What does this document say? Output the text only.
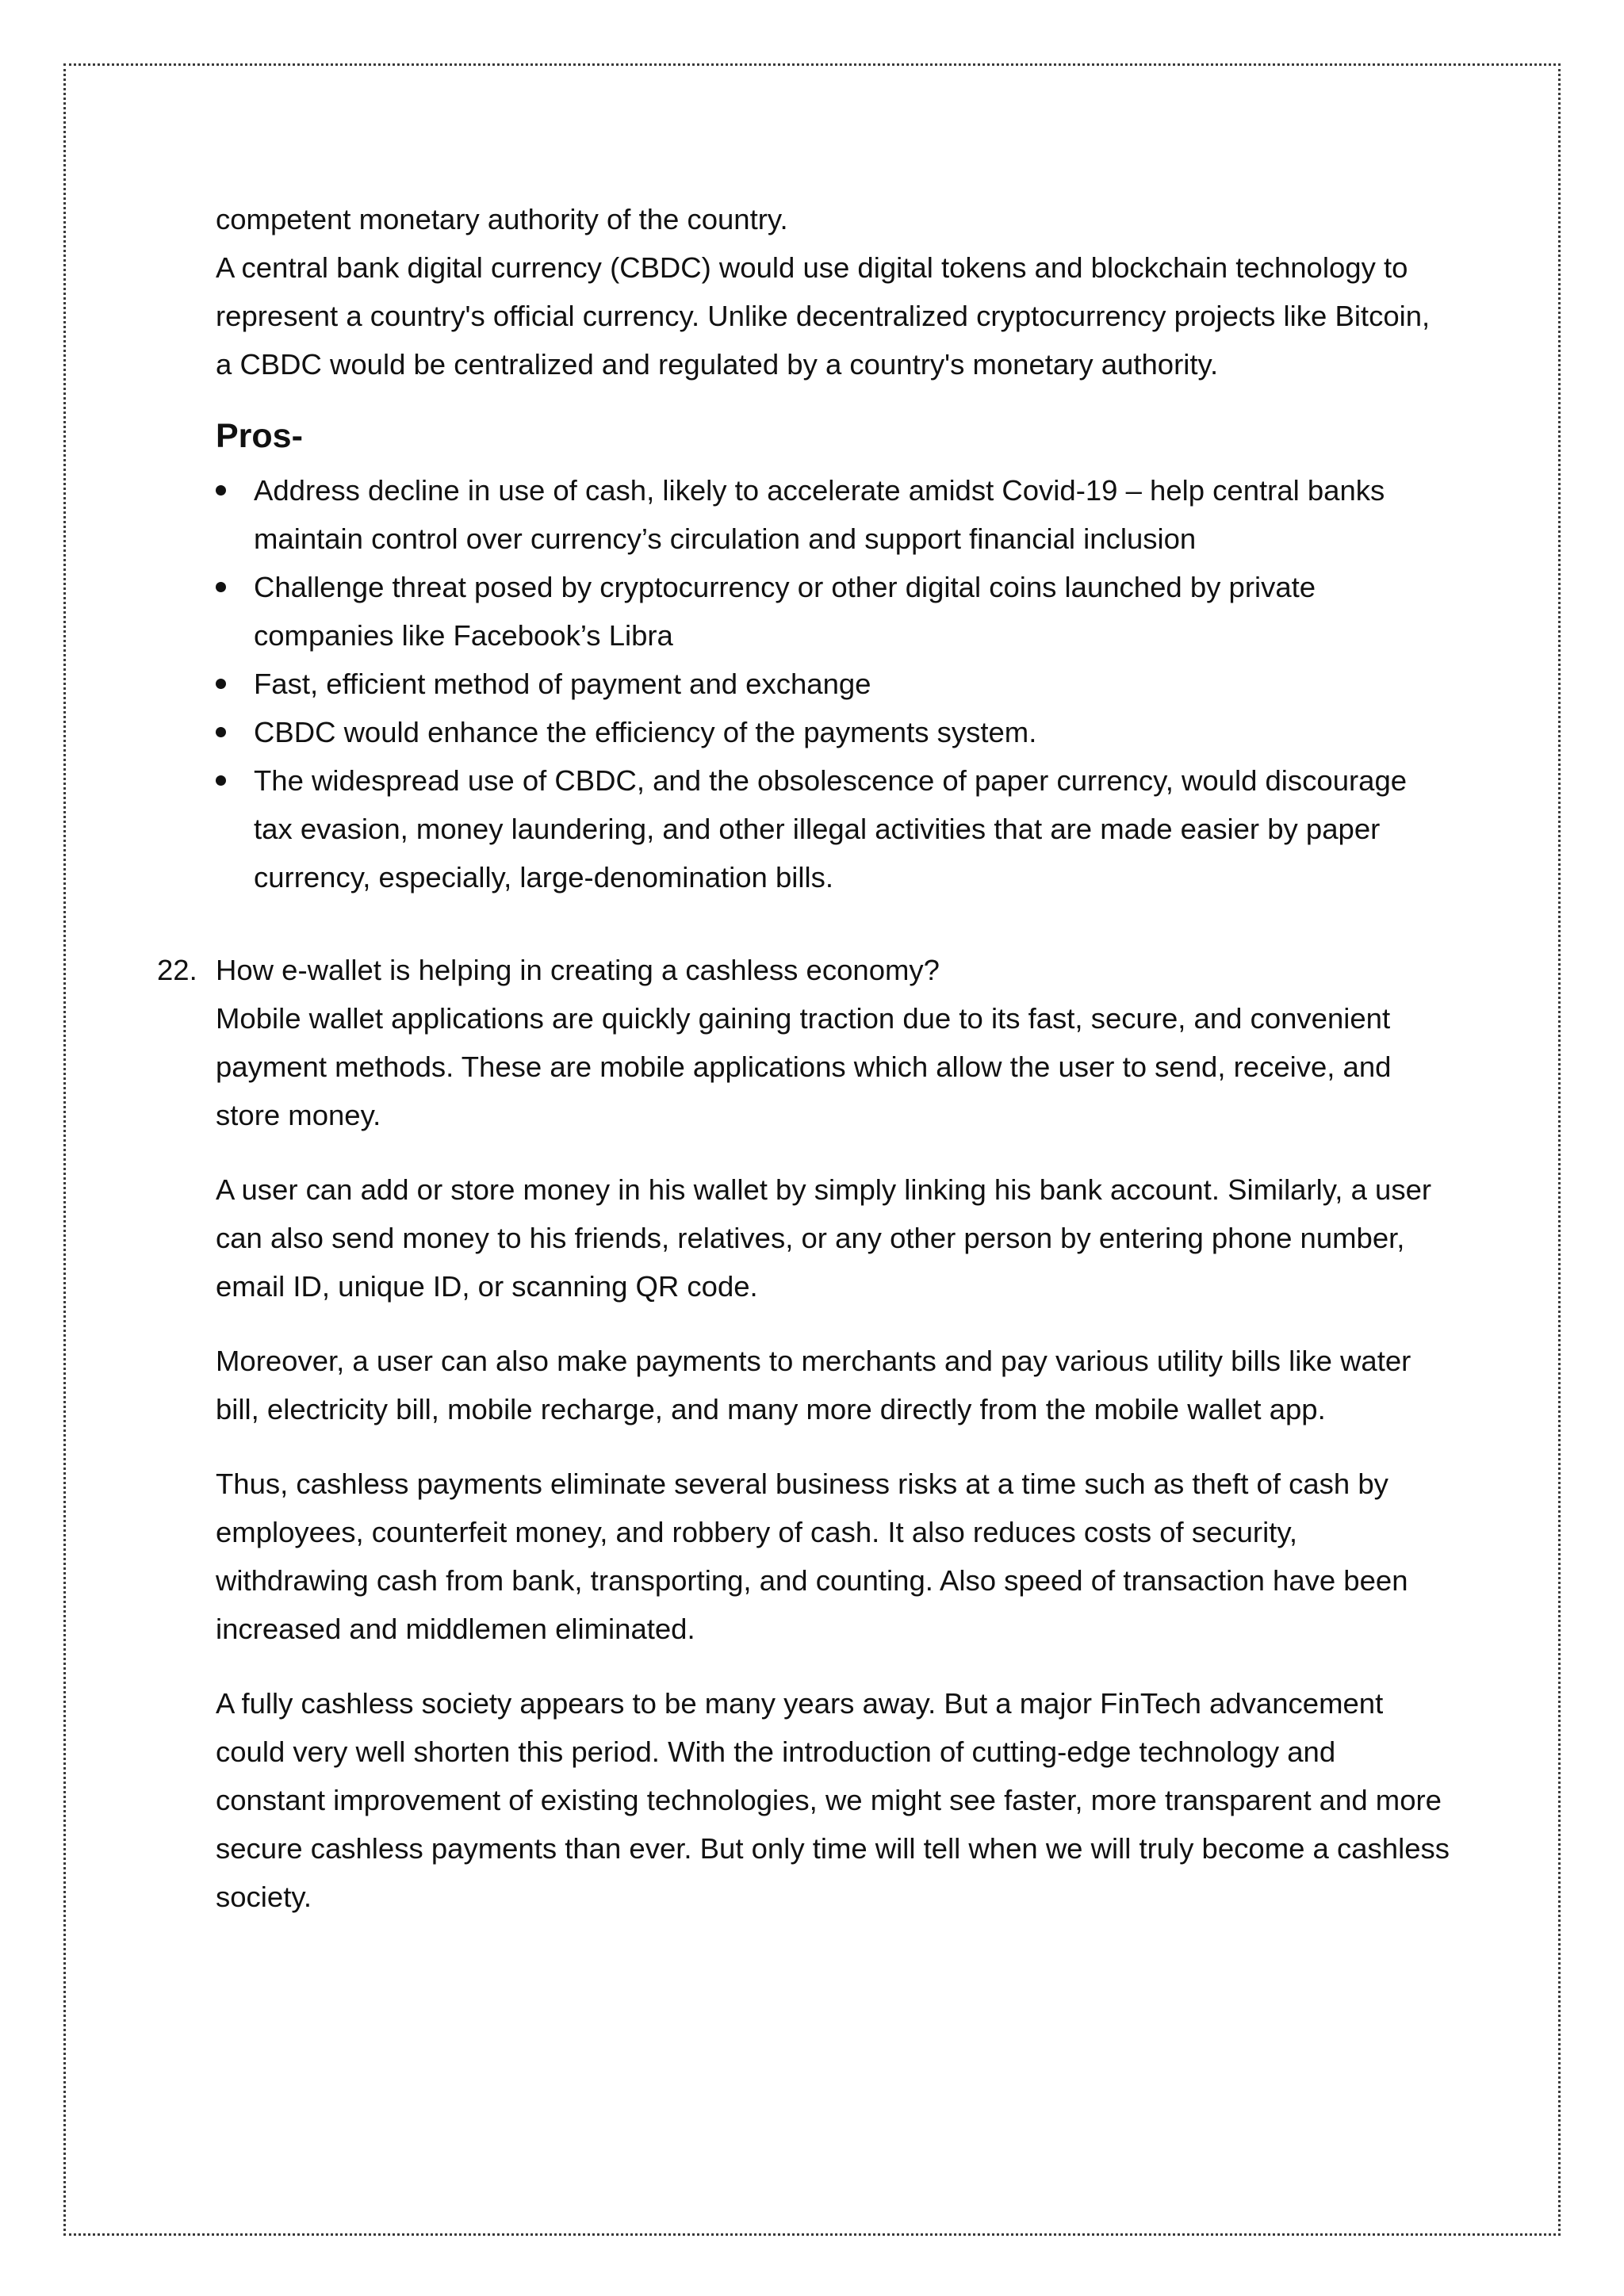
competent monetary authority of the country.

A central bank digital currency (CBDC) would use digital tokens and blockchain technology to represent a country's official currency. Unlike decentralized cryptocurrency projects like Bitcoin, a CBDC would be centralized and regulated by a country's monetary authority.

Pros-
Address decline in use of cash, likely to accelerate amidst Covid-19 – help central banks maintain control over currency’s circulation and support financial inclusion
Challenge threat posed by cryptocurrency or other digital coins launched by private companies like Facebook’s Libra
Fast, efficient method of payment and exchange
CBDC would enhance the efficiency of the payments system.
The widespread use of CBDC, and the obsolescence of paper currency, would discourage tax evasion, money laundering, and other illegal activities that are made easier by paper currency, especially, large-denomination bills.
22. How e-wallet is helping in creating a cashless economy?

Mobile wallet applications are quickly gaining traction due to its fast, secure, and convenient payment methods. These are mobile applications which allow the user to send, receive, and store money.

A user can add or store money in his wallet by simply linking his bank account. Similarly, a user can also send money to his friends, relatives, or any other person by entering phone number, email ID, unique ID, or scanning QR code.

Moreover, a user can also make payments to merchants and pay various utility bills like water bill, electricity bill, mobile recharge, and many more directly from the mobile wallet app.

Thus, cashless payments eliminate several business risks at a time such as theft of cash by employees, counterfeit money, and robbery of cash. It also reduces costs of security, withdrawing cash from bank, transporting, and counting. Also speed of transaction have been increased and middlemen eliminated.

A fully cashless society appears to be many years away. But a major FinTech advancement could very well shorten this period. With the introduction of cutting-edge technology and constant improvement of existing technologies, we might see faster, more transparent and more secure cashless payments than ever. But only time will tell when we will truly become a cashless society.
